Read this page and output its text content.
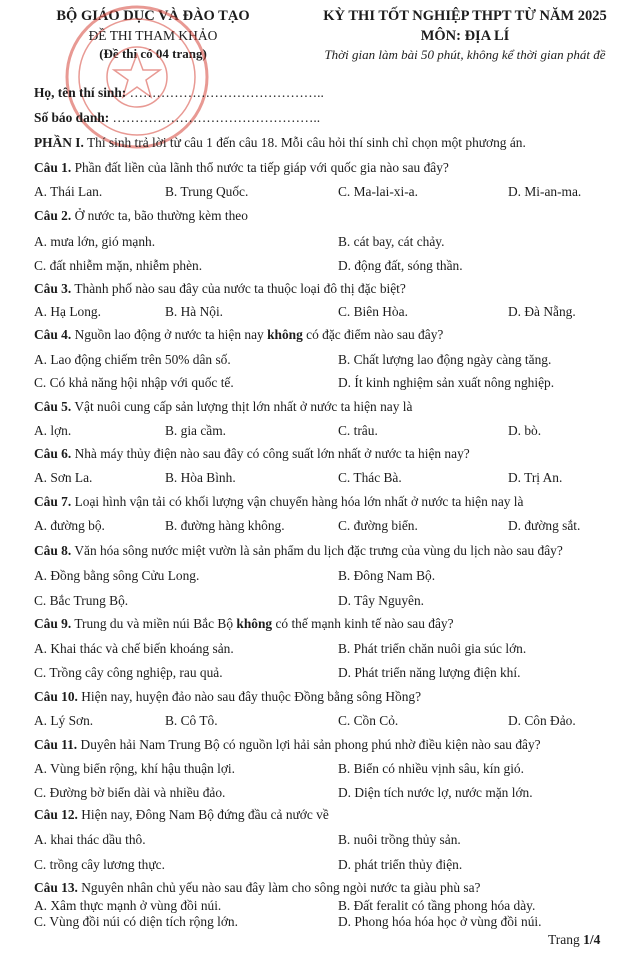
BỘ GIÁO DỤC VÀ ĐÀO TẠO
ĐỀ THI THAM KHẢO
(Đề thi có 04 trang)
KỲ THI TỐT NGHIỆP THPT TỪ NĂM 2025
MÔN: ĐỊA LÍ
Thời gian làm bài 50 phút, không kể thời gian phát đề
Họ, tên thí sinh: ……………………………………..
Số báo danh: ………………………………………..
PHẦN I. Thí sinh trả lời từ câu 1 đến câu 18. Mỗi câu hỏi thí sinh chỉ chọn một phương án.
Câu 1. Phần đất liền của lãnh thổ nước ta tiếp giáp với quốc gia nào sau đây?
A. Thái Lan.	B. Trung Quốc.	C. Ma-lai-xi-a.	D. Mi-an-ma.
Câu 2. Ở nước ta, bão thường kèm theo
A. mưa lớn, gió mạnh.	B. cát bay, cát chảy.
C. đất nhiễm mặn, nhiễm phèn.	D. động đất, sóng thần.
Câu 3. Thành phố nào sau đây của nước ta thuộc loại đô thị đặc biệt?
A. Hạ Long.	B. Hà Nội.	C. Biên Hòa.	D. Đà Nẵng.
Câu 4. Nguồn lao động ở nước ta hiện nay không có đặc điểm nào sau đây?
A. Lao động chiếm trên 50% dân số.	B. Chất lượng lao động ngày càng tăng.
C. Có khả năng hội nhập với quốc tế.	D. Ít kinh nghiệm sản xuất nông nghiệp.
Câu 5. Vật nuôi cung cấp sản lượng thịt lớn nhất ở nước ta hiện nay là
A. lợn.	B. gia cầm.	C. trâu.	D. bò.
Câu 6. Nhà máy thủy điện nào sau đây có công suất lớn nhất ở nước ta hiện nay?
A. Sơn La.	B. Hòa Bình.	C. Thác Bà.	D. Trị An.
Câu 7. Loại hình vận tải có khối lượng vận chuyển hàng hóa lớn nhất ở nước ta hiện nay là
A. đường bộ.	B. đường hàng không.	C. đường biển.	D. đường sắt.
Câu 8. Văn hóa sông nước miệt vườn là sản phẩm du lịch đặc trưng của vùng du lịch nào sau đây?
A. Đồng bằng sông Cửu Long.	B. Đông Nam Bộ.
C. Bắc Trung Bộ.	D. Tây Nguyên.
Câu 9. Trung du và miền núi Bắc Bộ không có thế mạnh kinh tế nào sau đây?
A. Khai thác và chế biến khoáng sản.	B. Phát triển chăn nuôi gia súc lớn.
C. Trồng cây công nghiệp, rau quả.	D. Phát triển năng lượng điện khí.
Câu 10. Hiện nay, huyện đảo nào sau đây thuộc Đồng bằng sông Hồng?
A. Lý Sơn.	B. Cô Tô.	C. Cồn Cỏ.	D. Côn Đảo.
Câu 11. Duyên hải Nam Trung Bộ có nguồn lợi hải sản phong phú nhờ điều kiện nào sau đây?
A. Vùng biển rộng, khí hậu thuận lợi.	B. Biển có nhiều vịnh sâu, kín gió.
C. Đường bờ biển dài và nhiều đảo.	D. Diện tích nước lợ, nước mặn lớn.
Câu 12. Hiện nay, Đông Nam Bộ đứng đầu cả nước về
A. khai thác dầu thô.	B. nuôi trồng thủy sản.
C. trồng cây lương thực.	D. phát triển thủy điện.
Câu 13. Nguyên nhân chủ yếu nào sau đây làm cho sông ngòi nước ta giàu phù sa?
A. Xâm thực mạnh ở vùng đồi núi.	B. Đất feralit có tầng phong hóa dày.
C. Vùng đồi núi có diện tích rộng lớn.	D. Phong hóa hóa học ở vùng đồi núi.
Trang 1/4
